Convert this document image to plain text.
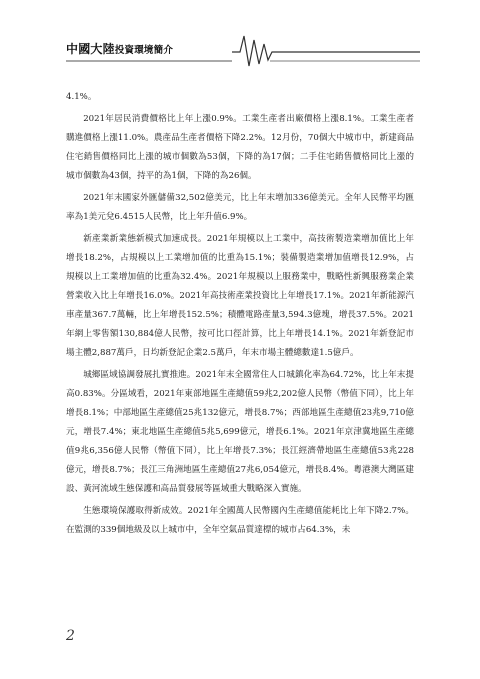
中國大陸投資環境簡介

4.1%。

2021年居民消費價格比上年上漲0.9%。工業生產者出廠價格上漲8.1%。工業生產者購進價格上漲11.0%。農產品生產者價格下降2.2%。12月份，70個大中城市中，新建商品住宅銷售價格同比上漲的城市個數為53個，下降的為17個；二手住宅銷售價格同比上漲的城市個數為43個，持平的為1個，下降的為26個。

2021年末國家外匯儲備32,502億美元，比上年末增加336億美元。全年人民幣平均匯率為1美元兌6.4515人民幣，比上年升值6.9%。

新產業新業態新模式加速成長。2021年規模以上工業中，高技術製造業增加值比上年增長18.2%，占規模以上工業增加值的比重為15.1%；裝備製造業增加值增長12.9%，占規模以上工業增加值的比重為32.4%。2021年規模以上服務業中，戰略性新興服務業企業營業收入比上年增長16.0%。2021年高技術產業投資比上年增長17.1%。2021年新能源汽車產量367.7萬輛，比上年增長152.5%；積體電路產量3,594.3億塊，增長37.5%。2021年網上零售額130,884億人民幣，按可比口徑計算，比上年增長14.1%。2021年新登記市場主體2,887萬戶，日均新登記企業2.5萬戶，年末市場主體總數達1.5億戶。

城鄉區域協調發展扎實推進。2021年末全國常住人口城鎮化率為64.72%，比上年末提高0.83%。分區域看，2021年東部地區生產總值59兆2,202億人民幣（幣值下同），比上年增長8.1%；中部地區生產總值25兆132億元，增長8.7%；西部地區生產總值23兆9,710億元，增長7.4%；東北地區生產總值5兆5,699億元，增長6.1%。2021年京津冀地區生產總值9兆6,356億人民幣（幣值下同），比上年增長7.3%；長江經濟帶地區生產總值53兆228億元，增長8.7%；長江三角洲地區生產總值27兆6,054億元，增長8.4%。粵港澳大灣區建設、黃河流域生態保護和高品質發展等區域重大戰略深入實施。

生態環境保護取得新成效。2021年全國萬人民幣國內生產總值能耗比上年下降2.7%。在監測的339個地級及以上城市中，全年空氣品質達標的城市占64.3%，未

2
